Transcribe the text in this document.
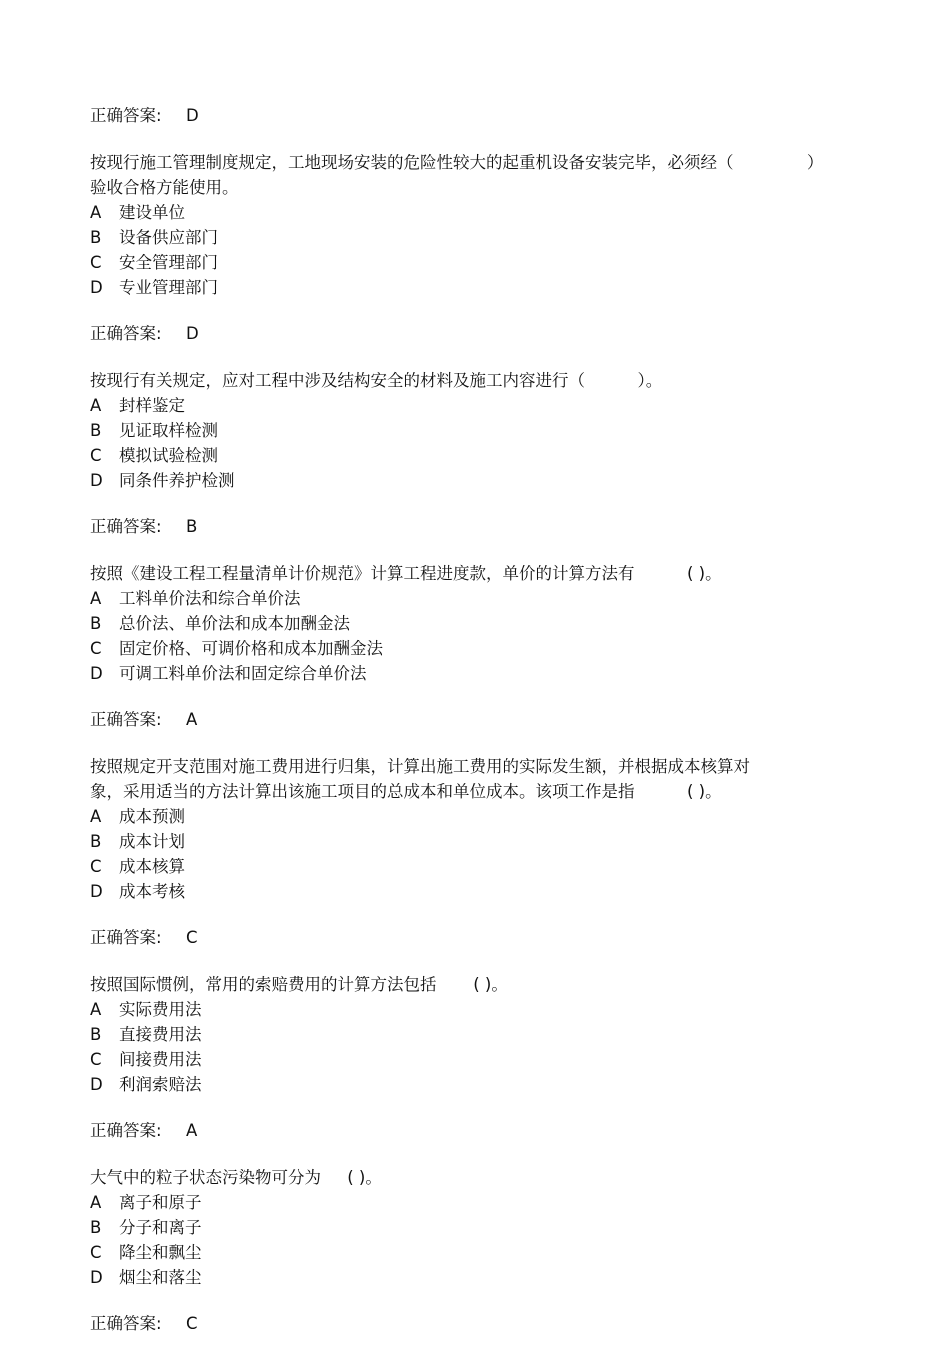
正确答案: D
按现行施工管理制度规定，工地现场安装的危险性较大的起重机设备安装完毕，必须经（              ）
验收合格方能使用。
A 建设单位
B 设备供应部门
C 安全管理部门
D 专业管理部门
正确答案: D
按现行有关规定，应对工程中涉及结构安全的材料及施工内容进行（          ）。
A 封样鉴定
B 见证取样检测
C 模拟试验检测
D 同条件养护检测
正确答案: B
按照《建设工程工程量清单计价规范》计算工程进度款，单价的计算方法有          ( )。
A 工料单价法和综合单价法
B 总价法、单价法和成本加酬金法
C 固定价格、可调价格和成本加酬金法
D 可调工料单价法和固定综合单价法
正确答案: A
按照规定开支范围对施工费用进行归集，计算出施工费用的实际发生额，并根据成本核算对
象，采用适当的方法计算出该施工项目的总成本和单位成本。该项工作是指          ( )。
A 成本预测
B 成本计划
C 成本核算
D 成本考核
正确答案: C
按照国际惯例，常用的索赔费用的计算方法包括       ( )。
A 实际费用法
B 直接费用法
C 间接费用法
D 利润索赔法
正确答案: A
大气中的粒子状态污染物可分为     ( )。
A 离子和原子
B 分子和离子
C 降尘和飘尘
D 烟尘和落尘
正确答案: C
